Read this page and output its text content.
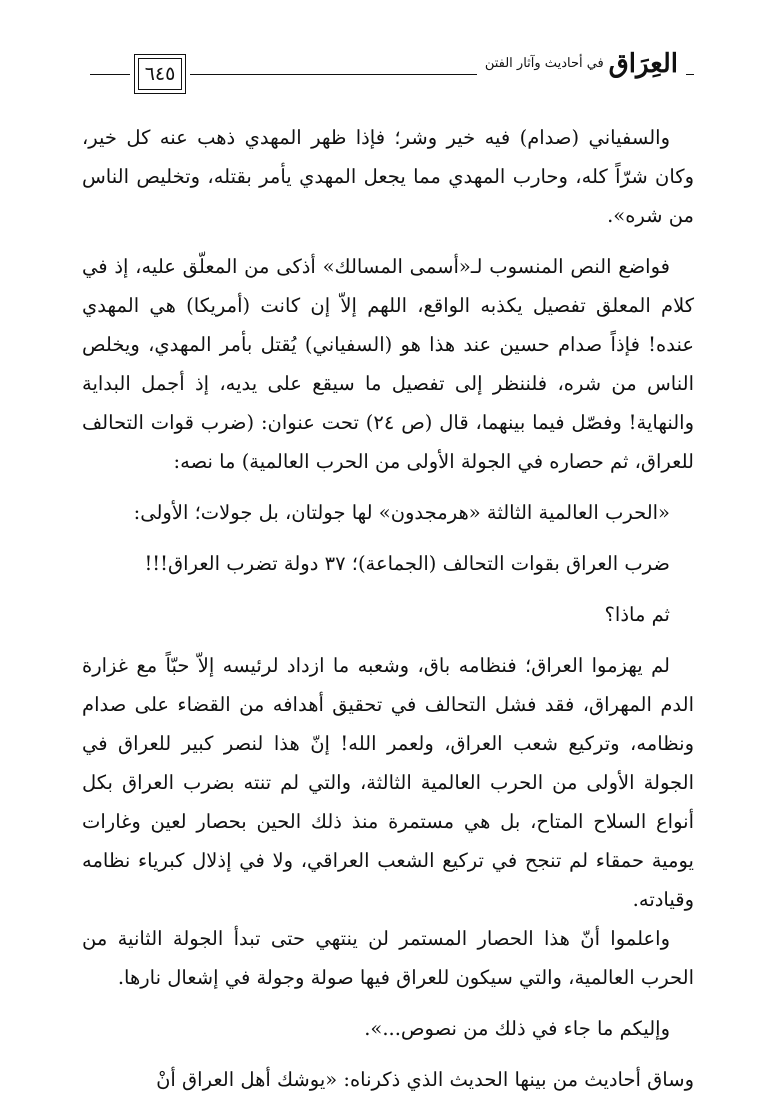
٦٤٥	العِرَاق في أحاديث وآثار الفتن

والسفياني (صدام) فيه خير وشر؛ فإذا ظهر المهدي ذهب عنه كل خير، وكان شرّاً كله، وحارب المهدي مما يجعل المهدي يأمر بقتله، وتخليص الناس من شره».

فواضع النص المنسوب لـ«أسمى المسالك» أذكى من المعلّق عليه، إذ في كلام المعلق تفصيل يكذبه الواقع، اللهم إلاّ إن كانت (أمريكا) هي المهدي عنده! فإذاً صدام حسين عند هذا هو (السفياني) يُقتل بأمر المهدي، ويخلص الناس من شره، فلننظر إلى تفصيل ما سيقع على يديه، إذ أجمل البداية والنهاية! وفصّل فيما بينهما، قال (ص ٢٤) تحت عنوان: (ضرب قوات التحالف للعراق، ثم حصاره في الجولة الأولى من الحرب العالمية) ما نصه:

«الحرب العالمية الثالثة «هرمجدون» لها جولتان، بل جولات؛ الأولى:

ضرب العراق بقوات التحالف (الجماعة)؛ ٣٧ دولة تضرب العراق!!!

ثم ماذا؟

لم يهزموا العراق؛ فنظامه باق، وشعبه ما ازداد لرئيسه إلاّ حبّاً مع غزارة الدم المهراق، فقد فشل التحالف في تحقيق أهدافه من القضاء على صدام ونظامه، وتركيع شعب العراق، ولعمر الله! إنّ هذا لنصر كبير للعراق في الجولة الأولى من الحرب العالمية الثالثة، والتي لم تنته بضرب العراق بكل أنواع السلاح المتاح، بل هي مستمرة منذ ذلك الحين بحصار لعين وغارات يومية حمقاء لم تنجح في تركيع الشعب العراقي، ولا في إذلال كبرياء نظامه وقيادته.

واعلموا أنّ هذا الحصار المستمر لن ينتهي حتى تبدأ الجولة الثانية من الحرب العالمية، والتي سيكون للعراق فيها صولة وجولة في إشعال نارها.

وإليكم ما جاء في ذلك من نصوص...».

وساق أحاديث من بينها الحديث الذي ذكرناه: «يوشك أهل العراق أنْ
